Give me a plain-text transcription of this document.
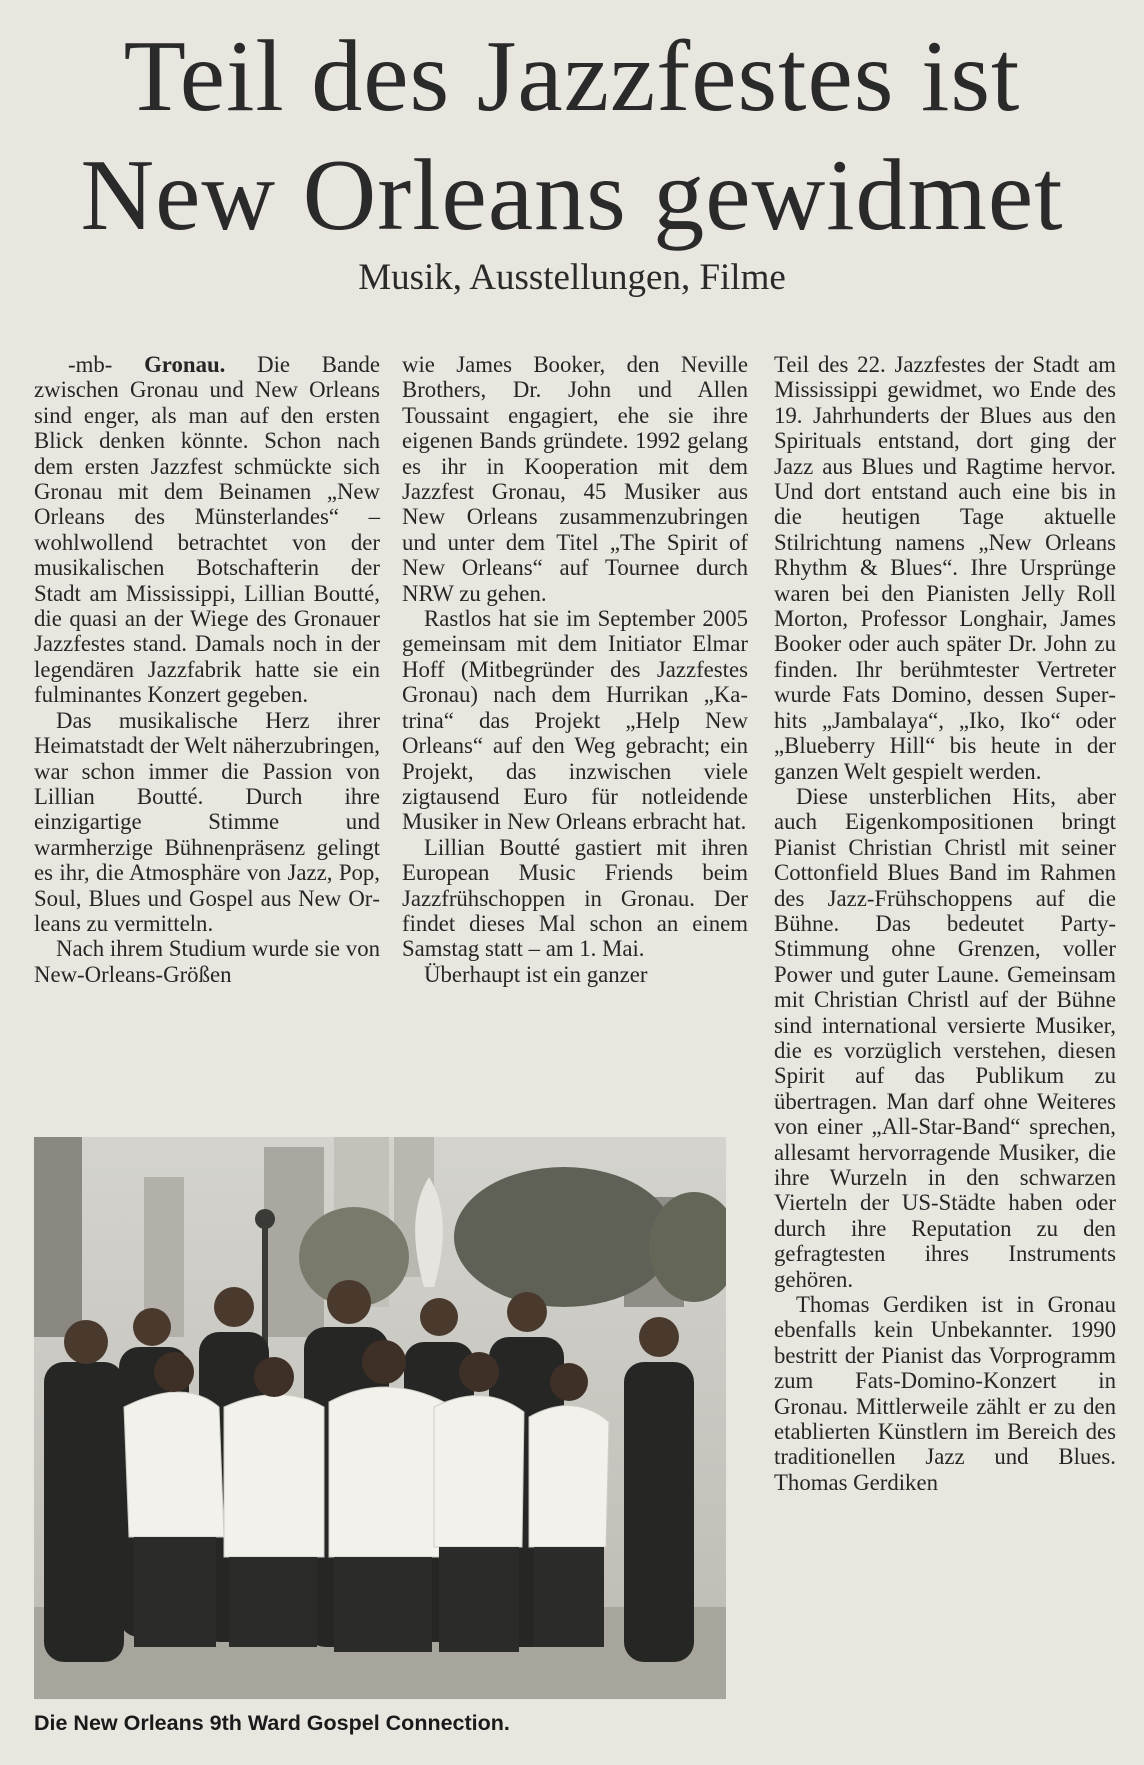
Teil des Jazzfestes ist
New Orleans gewidmet
Musik, Ausstellungen, Filme

-mb- Gronau. Die Bande zwischen Gronau und New Orleans sind enger, als man auf den ersten Blick denken könnte. Schon nach dem ersten Jazzfest schmückte sich Gronau mit dem Beinamen „New Orleans des Münsterlandes“ – wohlwollend betrachtet von der musikalischen Botschafterin der Stadt am Mississippi, Lillian Boutté, die quasi an der Wiege des Gronauer Jazzfestes stand. Damals noch in der legendären Jazzfabrik hatte sie ein fulminantes Konzert gegeben.

Das musikalische Herz ihrer Heimatstadt der Welt näherzubringen, war schon immer die Passion von Lillian Boutté. Durch ihre einzigartige Stimme und warmherzige Bühnenpräsenz gelingt es ihr, die Atmosphäre von Jazz, Pop, Soul, Blues und Gospel aus New Orleans zu vermitteln.

Nach ihrem Studium wurde sie von New-Orleans-Größen

wie James Booker, den Neville Brothers, Dr. John und Allen Toussaint engagiert, ehe sie ihre eigenen Bands gründete. 1992 gelang es ihr in Kooperation mit dem Jazzfest Gronau, 45 Musiker aus New Orleans zusammenzubringen und unter dem Titel „The Spirit of New Orleans“ auf Tournee durch NRW zu gehen.

Rastlos hat sie im September 2005 gemeinsam mit dem Initiator Elmar Hoff (Mitbegründer des Jazzfestes Gronau) nach dem Hurrikan „Katrina“ das Projekt „Help New Orleans“ auf den Weg gebracht; ein Projekt, das inzwischen viele zigtausend Euro für notleidende Musiker in New Orleans erbracht hat.

Lillian Boutté gastiert mit ihren European Music Friends beim Jazzfrühschoppen in Gronau. Der findet dieses Mal schon an einem Samstag statt – am 1. Mai.

Überhaupt ist ein ganzer

Teil des 22. Jazzfestes der Stadt am Mississippi gewidmet, wo Ende des 19. Jahrhunderts der Blues aus den Spirituals entstand, dort ging der Jazz aus Blues und Ragtime hervor. Und dort entstand auch eine bis in die heutigen Tage aktuelle Stilrichtung namens „New Orleans Rhythm & Blues“. Ihre Ursprünge waren bei den Pianisten Jelly Roll Morton, Professor Longhair, James Booker oder auch später Dr. John zu finden. Ihr berühmtester Vertreter wurde Fats Domino, dessen Superhits „Jambalaya“, „Iko, Iko“ oder „Blueberry Hill“ bis heute in der ganzen Welt gespielt werden.

Diese unsterblichen Hits, aber auch Eigenkompositionen bringt Pianist Christian Christl mit seiner Cottonfield Blues Band im Rahmen des Jazz-Frühschoppens auf die Bühne. Das bedeutet Party-Stimmung ohne Grenzen, voller Power und guter Laune. Gemeinsam mit Christian Christl auf der Bühne sind international versierte Musiker, die es vorzüglich verstehen, diesen Spirit auf das Publikum zu übertragen. Man darf ohne Weiteres von einer „All-Star-Band“ sprechen, allesamt hervorragende Musiker, die ihre Wurzeln in den schwarzen Vierteln der US-Städte haben oder durch ihre Reputation zu den gefragtesten ihres Instruments gehören.

Thomas Gerdiken ist in Gronau ebenfalls kein Unbekannter. 1990 bestritt der Pianist das Vorprogramm zum Fats-Domino-Konzert in Gronau. Mittlerweile zählt er zu den etablierten Künstlern im Bereich des traditionellen Jazz und Blues. Thomas Gerdiken

Die New Orleans 9th Ward Gospel Connection.
